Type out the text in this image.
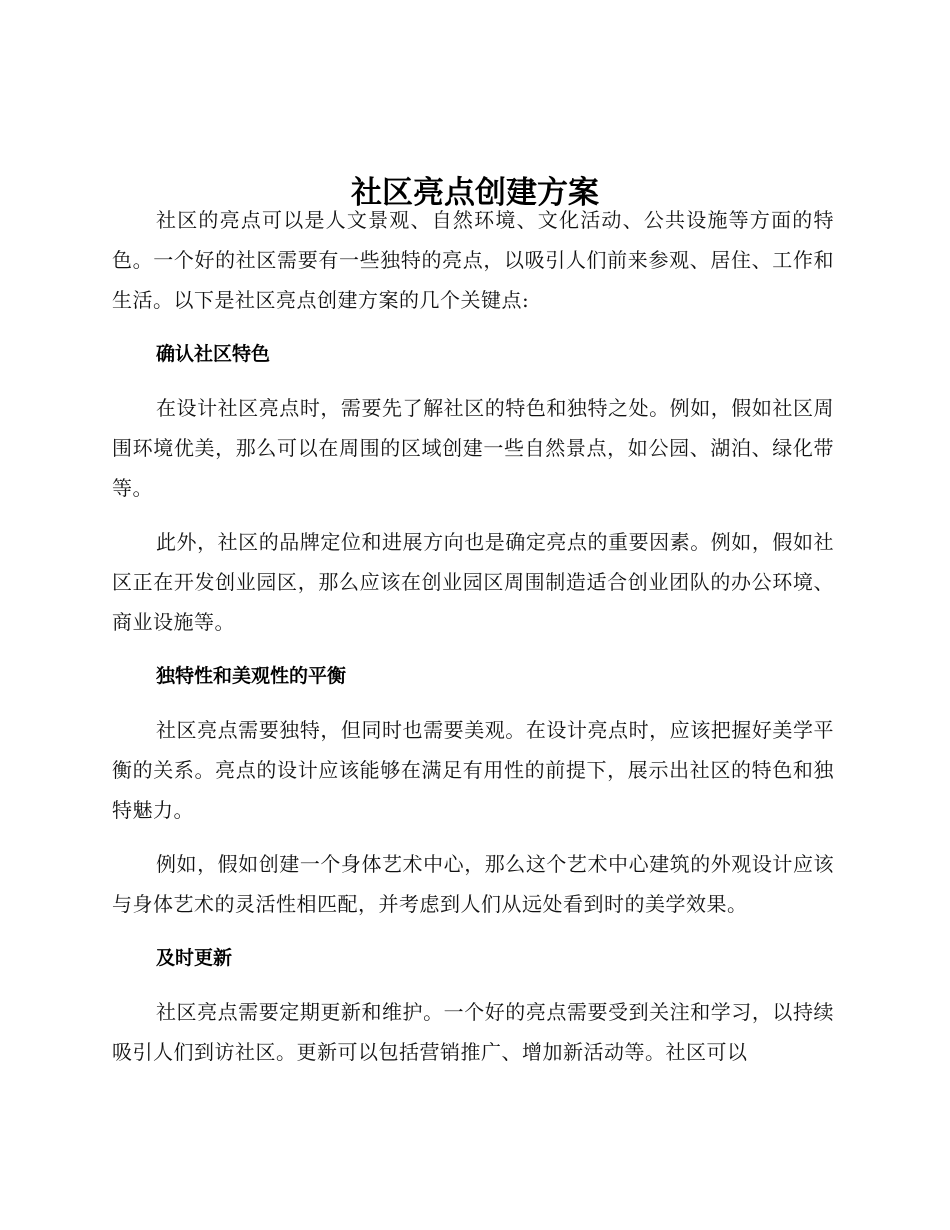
社区亮点创建方案

社区的亮点可以是人文景观、自然环境、文化活动、公共设施等方面的特色。一个好的社区需要有一些独特的亮点，以吸引人们前来参观、居住、工作和生活。以下是社区亮点创建方案的几个关键点:

确认社区特色

在设计社区亮点时，需要先了解社区的特色和独特之处。例如，假如社区周围环境优美，那么可以在周围的区域创建一些自然景点，如公园、湖泊、绿化带等。

此外，社区的品牌定位和进展方向也是确定亮点的重要因素。例如，假如社区正在开发创业园区，那么应该在创业园区周围制造适合创业团队的办公环境、商业设施等。

独特性和美观性的平衡

社区亮点需要独特，但同时也需要美观。在设计亮点时，应该把握好美学平衡的关系。亮点的设计应该能够在满足有用性的前提下，展示出社区的特色和独特魅力。

例如，假如创建一个身体艺术中心，那么这个艺术中心建筑的外观设计应该与身体艺术的灵活性相匹配，并考虑到人们从远处看到时的美学效果。

及时更新

社区亮点需要定期更新和维护。一个好的亮点需要受到关注和学习，以持续吸引人们到访社区。更新可以包括营销推广、增加新活动等。社区可以
